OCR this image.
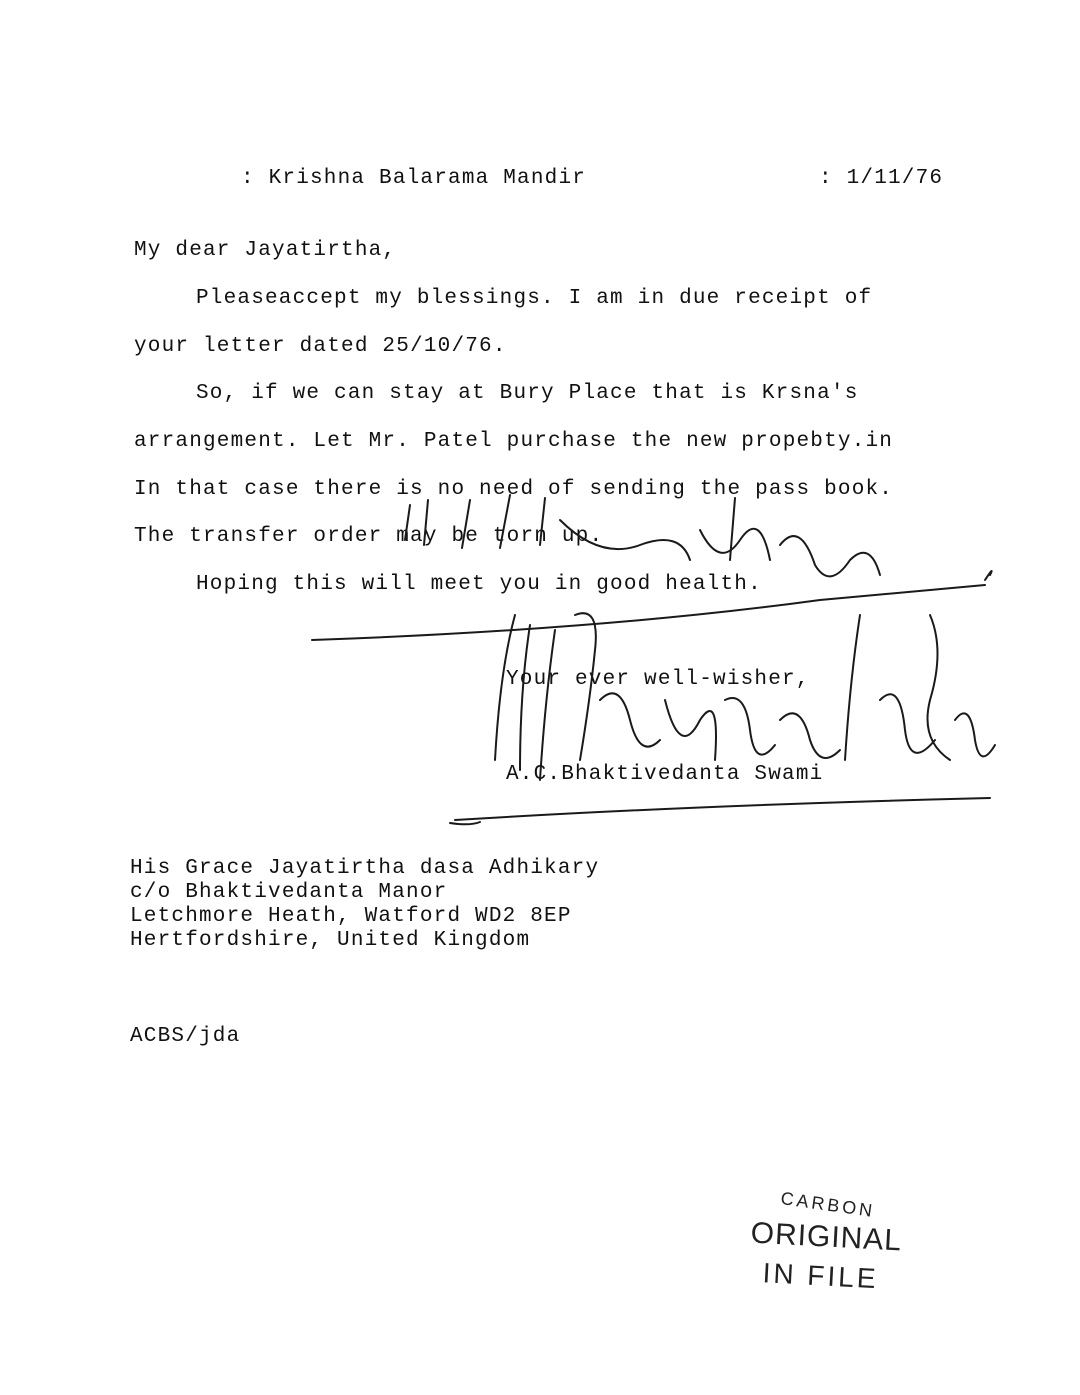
: Krishna Balarama Mandir	: 1/11/76
My dear Jayatirtha,
Pleaseaccept my blessings. I am in due receipt of
your letter dated 25/10/76.
So, if we can stay at Bury Place that is Krsna's
arrangement. Let Mr. Patel purchase the new propebty.in
In that case there is no need of sending the pass book.
The transfer order may be torn up.
Hoping this will meet you in good health.
Your ever well-wisher,
A.C.Bhaktivedanta Swami
His Grace Jayatirtha dasa Adhikary
c/o Bhaktivedanta Manor
Letchmore Heath, Watford WD2 8EP
Hertfordshire, United Kingdom
ACBS/jda
CARBON
ORIGINAL
IN FILE
